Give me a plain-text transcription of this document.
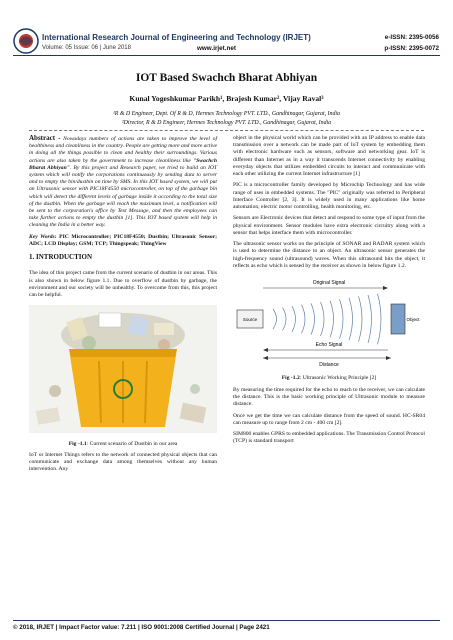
International Research Journal of Engineering and Technology (IRJET)	e-ISSN: 2395-0056
Volume: 05 Issue: 06 | June 2018	www.irjet.net	p-ISSN: 2395-0072
IOT Based Swachch Bharat Abhiyan
Kunal Yogeshkumar Parikh¹, Brajesh Kumar², Vijay Raval³
¹R & D Engineer, Dept. Of R & D, Hermes Technology PVT. LTD., Gandhinagar, Gujarat, India
²Director, R & D Engineer, Hermes Technology PVT. LTD., Gandhinagar, Gujarat, India

Abstract - Nowadays numbers of actions are taken to improve the level of healthiness and cleanliness in the country. People are getting more and more active in doing all the things possible to clean and healthy their surroundings. Various actions are also taken by the government to increase cleanliness like "Swachch Bharat Abhiyan". By this project and Research paper, we tried to build an IOT system which will notify the corporations continuously by sending data to server and to empty the bin/dustbin on time by SMS. In this IOT based system, we will put an Ultrasonic sensor with PIC18F4550 microcontroller, on top of the garbage bin which will detect the different levels of garbage inside it according to the total size of the dustbin. When the garbage will reach the maximum level, a notification will be sent to the corporation's office by Text Message, and then the employees can take further actions to empty the dustbin [1]. This IOT based system will help in cleaning the India in a better way.

Key Words: PIC Microcontroller; PIC18F4550; Dustbin; Ultrasonic Sensor; ADC; LCD Display; GSM; TCP; Thingspeak; ThingView

1. INTRODUCTION

The idea of this project came from the current scenario of dustbin in our areas. This is also shown in below figure 1.1. Due to overflow of dustbin by garbage, the environment and our society will be unhealthy. To overcome from this, this project can be helpful.

Fig -1.1: Current scenario of Dustbin in our area

IoT or Internet Things refers to the network of connected physical objects that can communicate and exchange data among themselves without any human intervention. Any

object in the physical world which can be provided with an IP address to enable data transmission over a network can be made part of IoT system by embedding them with electronic hardware such as sensors, software and networking gear. IoT is different than Internet as in a way it transcends Internet connectivity by enabling everyday objects that utilizes embedded circuits to interact and communicate with each other utilizing the current Internet infrastructure [1]

PIC is a microcontroller family developed by Microchip Technology and has wide range of uses in embedded systems. The "PIC" originally was referred to Peripheral Interface Controller [2, 3]. It is widely used in many applications like home automation, electric motor controlling, health monitoring, etc.

Sensors are Electronic devices that detect and respond to some type of input from the physical environment. Sensor modules have extra electronic circuitry along with a sensor that helps interface them with microcontroller.

The ultrasonic sensor works on the principle of SONAR and RADAR system which is used to determine the distance to an object. An ultrasonic sensor generates the high-frequency sound (ultrasound) waves. When this ultrasound hits the object, it reflects as echo which is sensed by the receiver as shown in below figure 1.2.

Original Signal
Source	Object
Echo Signal
Distance

Fig -1.2: Ultrasonic Working Principle [2]

By measuring the time required for the echo to reach to the receiver, we can calculate the distance. This is the basic working principle of Ultrasonic module to measure distance.

Once we get the time we can calculate distance from the speed of sound. HC-SR04 can measure up to range from 2 cm - 400 cm [2].

SIM800 enables GPRS to embedded applications. The Transmission Control Protocol (TCP) is standard transport

© 2018, IRJET | Impact Factor value: 7.211 | ISO 9001:2008 Certified Journal | Page 2421
